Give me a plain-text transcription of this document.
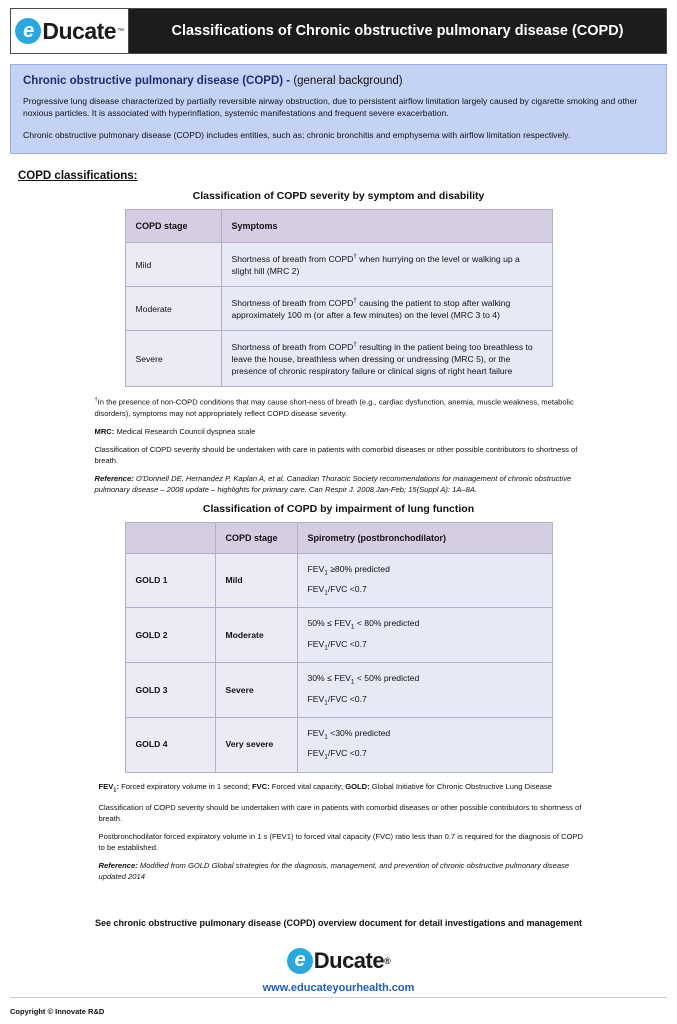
e Ducate ™	Classifications of Chronic obstructive pulmonary disease (COPD)
Chronic obstructive pulmonary disease (COPD) - (general background)
Progressive lung disease characterized by partially reversible airway obstruction, due to persistent airflow limitation largely caused by cigarette smoking and other noxious particles. It is associated with hyperinflation, systemic manifestations and frequent severe exacerbation.
Chronic obstructive pulmonary disease (COPD) includes entities, such as; chronic bronchitis and emphysema with airflow limitation respectively.
COPD classifications:
Classification of COPD severity by symptom and disability
COPD stage	Symptoms
Mild	Shortness of breath from COPD† when hurrying on the level or walking up a slight hill (MRC 2)
Moderate	Shortness of breath from COPD† causing the patient to stop after walking approximately 100 m (or after a few minutes) on the level (MRC 3 to 4)
Severe	Shortness of breath from COPD† resulting in the patient being too breathless to leave the house, breathless when dressing or undressing (MRC 5), or the presence of chronic respiratory failure or clinical signs of right heart failure
†In the presence of non-COPD conditions that may cause short-ness of breath (e.g., cardiac dysfunction, anemia, muscle weakness, metabolic disorders), symptoms may not appropriately reflect COPD disease severity.
MRC: Medical Research Council dyspnea scale
Classification of COPD severity should be undertaken with care in patients with comorbid diseases or other possible contributors to shortness of breath.
Reference: O'Donnell DE, Hernandez P, Kaplan A, et al. Canadian Thoracic Society recommendations for management of chronic obstructive pulmonary disease – 2008 update – highlights for primary care. Can Respir J. 2008 Jan-Feb; 15(Suppl A): 1A–8A.
Classification of COPD by impairment of lung function
	COPD stage	Spirometry (postbronchodilator)
GOLD 1	Mild	$FEV_1 \ge 80\%$ predicted
$FEV_1$/FVC <0.7

GOLD 2	Moderate	$50\% \le FEV_1 < 80\%$ predicted
$FEV_1$/FVC <0.7

GOLD 3	Severe	$30\% \le FEV_1 < 50\%$ predicted
$FEV_1$/FVC <0.7

GOLD 4	Very severe	$FEV_1 <30\%$ predicted
$FEV_1$/FVC <0.7
$FEV_1$: Forced expiratory volume in 1 second; FVC: Forced vital capacity; GOLD: Global Initiative for Chronic Obstructive Lung Disease
Classification of COPD severity should be undertaken with care in patients with comorbid diseases or other possible contributors to shortness of breath.
Postbronchodilator forced expiratory volume in 1 s (FEV1) to forced vital capacity (FVC) ratio less than 0.7 is required for the diagnosis of COPD to be established.
Reference: Modified from GOLD Global strategies for the diagnosis, management, and prevention of chronic obstructive pulmonary disease updated 2014
See chronic obstructive pulmonary disease (COPD) overview document for detail investigations and management
e Ducate ®
www.educateyourhealth.com
Copyright © Innovate R&D
